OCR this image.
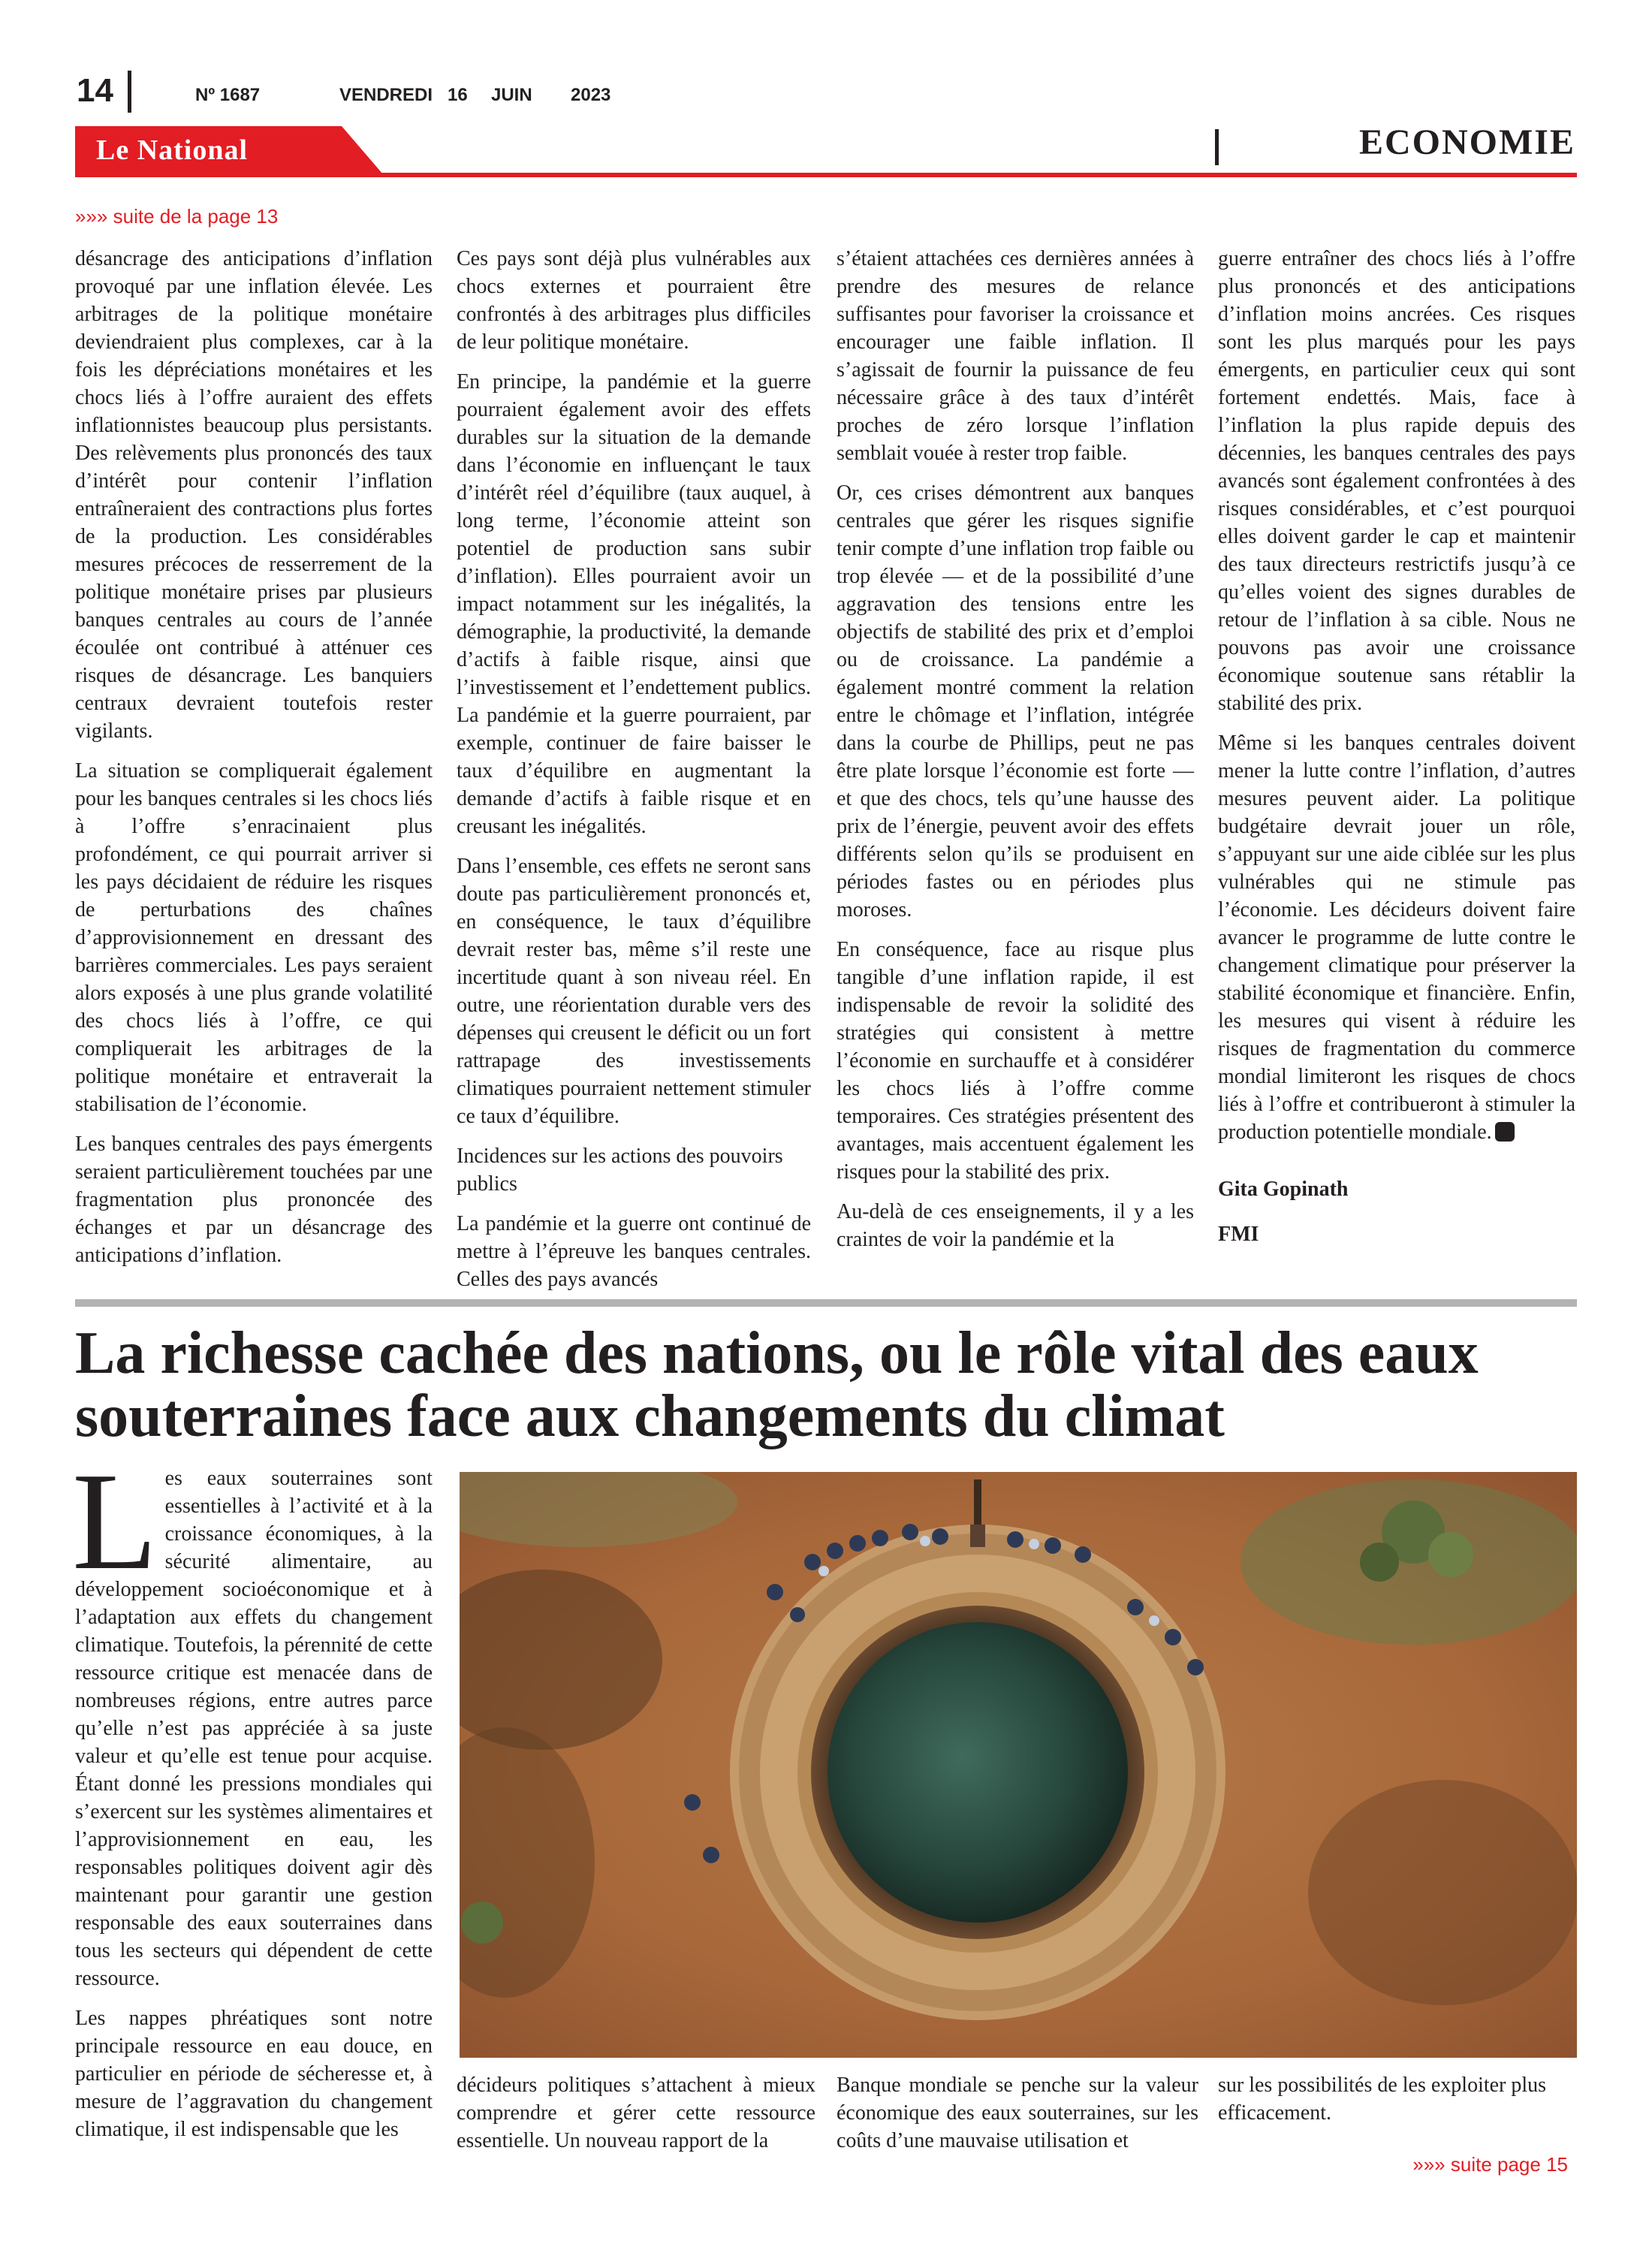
14	Nº 1687	VENDREDI 16 JUIN 2023
Le National	ECONOMIE
»»» suite de la page 13

désancrage des anticipations d’inflation provoqué par une inflation élevée. Les arbitrages de la politique monétaire deviendraient plus complexes, car à la fois les dépréciations monétaires et les chocs liés à l’offre auraient des effets inflationnistes beaucoup plus persistants. Des relèvements plus prononcés des taux d’intérêt pour contenir l’inflation entraîneraient des contractions plus fortes de la production. Les considérables mesures précoces de resserrement de la politique monétaire prises par plusieurs banques centrales au cours de l’année écoulée ont contribué à atténuer ces risques de désancrage. Les banquiers centraux devraient toutefois rester vigilants.

La situation se compliquerait également pour les banques centrales si les chocs liés à l’offre s’enracinaient plus profondément, ce qui pourrait arriver si les pays décidaient de réduire les risques de perturbations des chaînes d’approvisionnement en dressant des barrières commerciales. Les pays seraient alors exposés à une plus grande volatilité des chocs liés à l’offre, ce qui compliquerait les arbitrages de la politique monétaire et entraverait la stabilisation de l’économie.

Les banques centrales des pays émergents seraient particulièrement touchées par une fragmentation plus prononcée des échanges et par un désancrage des anticipations d’inflation.

Ces pays sont déjà plus vulnérables aux chocs externes et pourraient être confrontés à des arbitrages plus difficiles de leur politique monétaire.

En principe, la pandémie et la guerre pourraient également avoir des effets durables sur la situation de la demande dans l’économie en influençant le taux d’intérêt réel d’équilibre (taux auquel, à long terme, l’économie atteint son potentiel de production sans subir d’inflation). Elles pourraient avoir un impact notamment sur les inégalités, la démographie, la productivité, la demande d’actifs à faible risque, ainsi que l’investissement et l’endettement publics. La pandémie et la guerre pourraient, par exemple, continuer de faire baisser le taux d’équilibre en augmentant la demande d’actifs à faible risque et en creusant les inégalités.

Dans l’ensemble, ces effets ne seront sans doute pas particulièrement prononcés et, en conséquence, le taux d’équilibre devrait rester bas, même s’il reste une incertitude quant à son niveau réel. En outre, une réorientation durable vers des dépenses qui creusent le déficit ou un fort rattrapage des investissements climatiques pourraient nettement stimuler ce taux d’équilibre.

Incidences sur les actions des pouvoirs publics

La pandémie et la guerre ont continué de mettre à l’épreuve les banques centrales. Celles des pays avancés

s’étaient attachées ces dernières années à prendre des mesures de relance suffisantes pour favoriser la croissance et encourager une faible inflation. Il s’agissait de fournir la puissance de feu nécessaire grâce à des taux d’intérêt proches de zéro lorsque l’inflation semblait vouée à rester trop faible.

Or, ces crises démontrent aux banques centrales que gérer les risques signifie tenir compte d’une inflation trop faible ou trop élevée — et de la possibilité d’une aggravation des tensions entre les objectifs de stabilité des prix et d’emploi ou de croissance. La pandémie a également montré comment la relation entre le chômage et l’inflation, intégrée dans la courbe de Phillips, peut ne pas être plate lorsque l’économie est forte — et que des chocs, tels qu’une hausse des prix de l’énergie, peuvent avoir des effets différents selon qu’ils se produisent en périodes fastes ou en périodes plus moroses.

En conséquence, face au risque plus tangible d’une inflation rapide, il est indispensable de revoir la solidité des stratégies qui consistent à mettre l’économie en surchauffe et à considérer les chocs liés à l’offre comme temporaires. Ces stratégies présentent des avantages, mais accentuent également les risques pour la stabilité des prix.

Au-delà de ces enseignements, il y a les craintes de voir la pandémie et la

guerre entraîner des chocs liés à l’offre plus prononcés et des anticipations d’inflation moins ancrées. Ces risques sont les plus marqués pour les pays émergents, en particulier ceux qui sont fortement endettés. Mais, face à l’inflation la plus rapide depuis des décennies, les banques centrales des pays avancés sont également confrontées à des risques considérables, et c’est pourquoi elles doivent garder le cap et maintenir des taux directeurs restrictifs jusqu’à ce qu’elles voient des signes durables de retour de l’inflation à sa cible. Nous ne pouvons pas avoir une croissance économique soutenue sans rétablir la stabilité des prix.

Même si les banques centrales doivent mener la lutte contre l’inflation, d’autres mesures peuvent aider. La politique budgétaire devrait jouer un rôle, s’appuyant sur une aide ciblée sur les plus vulnérables qui ne stimule pas l’économie. Les décideurs doivent faire avancer le programme de lutte contre le changement climatique pour préserver la stabilité économique et financière. Enfin, les mesures qui visent à réduire les risques de fragmentation du commerce mondial limiteront les risques de chocs liés à l’offre et contribueront à stimuler la production potentielle mondiale.

Gita Gopinath

FMI

La richesse cachée des nations, ou le rôle vital des eaux souterraines face aux changements du climat

Les eaux souterraines sont essentielles à l’activité et à la croissance économiques, à la sécurité alimentaire, au développement socioéconomique et à l’adaptation aux effets du changement climatique. Toutefois, la pérennité de cette ressource critique est menacée dans de nombreuses régions, entre autres parce qu’elle n’est pas appréciée à sa juste valeur et qu’elle est tenue pour acquise. Étant donné les pressions mondiales qui s’exercent sur les systèmes alimentaires et l’approvisionnement en eau, les responsables politiques doivent agir dès maintenant pour garantir une gestion responsable des eaux souterraines dans tous les secteurs qui dépendent de cette ressource.

Les nappes phréatiques sont notre principale ressource en eau douce, en particulier en période de sécheresse et, à mesure de l’aggravation du changement climatique, il est indispensable que les

décideurs politiques s’attachent à mieux comprendre et gérer cette ressource essentielle. Un nouveau rapport de la

Banque mondiale se penche sur la valeur économique des eaux souterraines, sur les coûts d’une mauvaise utilisation et

sur les possibilités de les exploiter plus efficacement.

»»» suite page 15
